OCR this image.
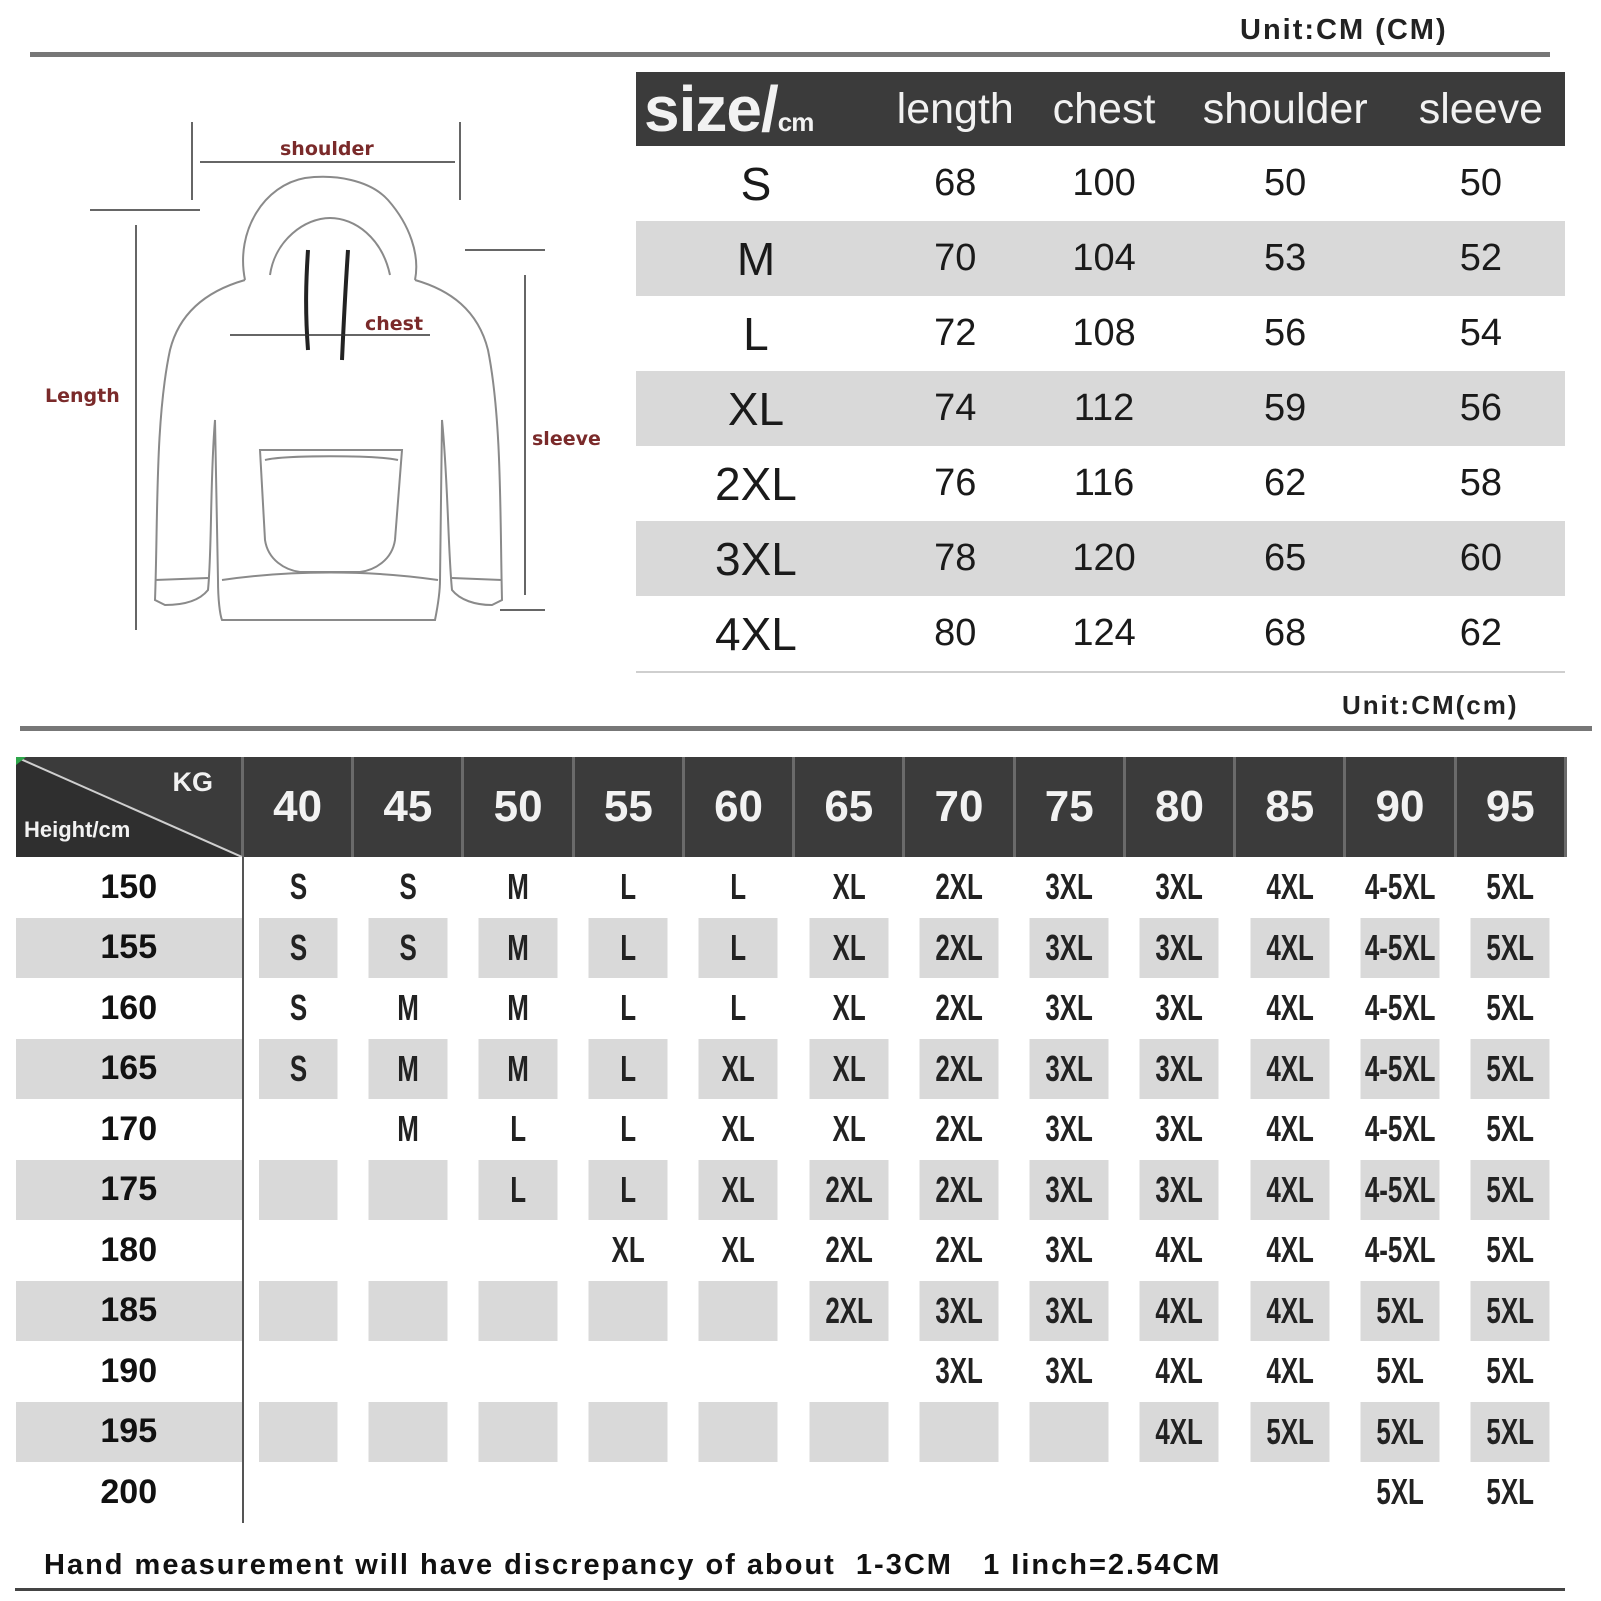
Unit:CM (CM)
shoulder
chest
Length
sleeve
size/cm	length	chest	shoulder	sleeve
S	68	100	50	50
M	70	104	53	52
L	72	108	56	54
XL	74	112	59	56
2XL	76	116	62	58
3XL	78	120	65	60
4XL	80	124	68	62
Unit:CM(cm)
KG
Height/cm	40	45	50	55	60	65	70	75	80	85	90	95
150	S	S	M	L	L	XL	2XL	3XL	3XL	4XL	4-5XL	5XL
155	S	S	M	L	L	XL	2XL	3XL	3XL	4XL	4-5XL	5XL
160	S	M	M	L	L	XL	2XL	3XL	3XL	4XL	4-5XL	5XL
165	S	M	M	L	XL	XL	2XL	3XL	3XL	4XL	4-5XL	5XL
170		M	L	L	XL	XL	2XL	3XL	3XL	4XL	4-5XL	5XL
175			L	L	XL	2XL	2XL	3XL	3XL	4XL	4-5XL	5XL
180				XL	XL	2XL	2XL	3XL	4XL	4XL	4-5XL	5XL
185						2XL	3XL	3XL	4XL	4XL	5XL	5XL
190							3XL	3XL	4XL	4XL	5XL	5XL
195									4XL	5XL	5XL	5XL
200											5XL	5XL
Hand measurement will have discrepancy of about  1-3CM   1 Iinch=2.54CM
